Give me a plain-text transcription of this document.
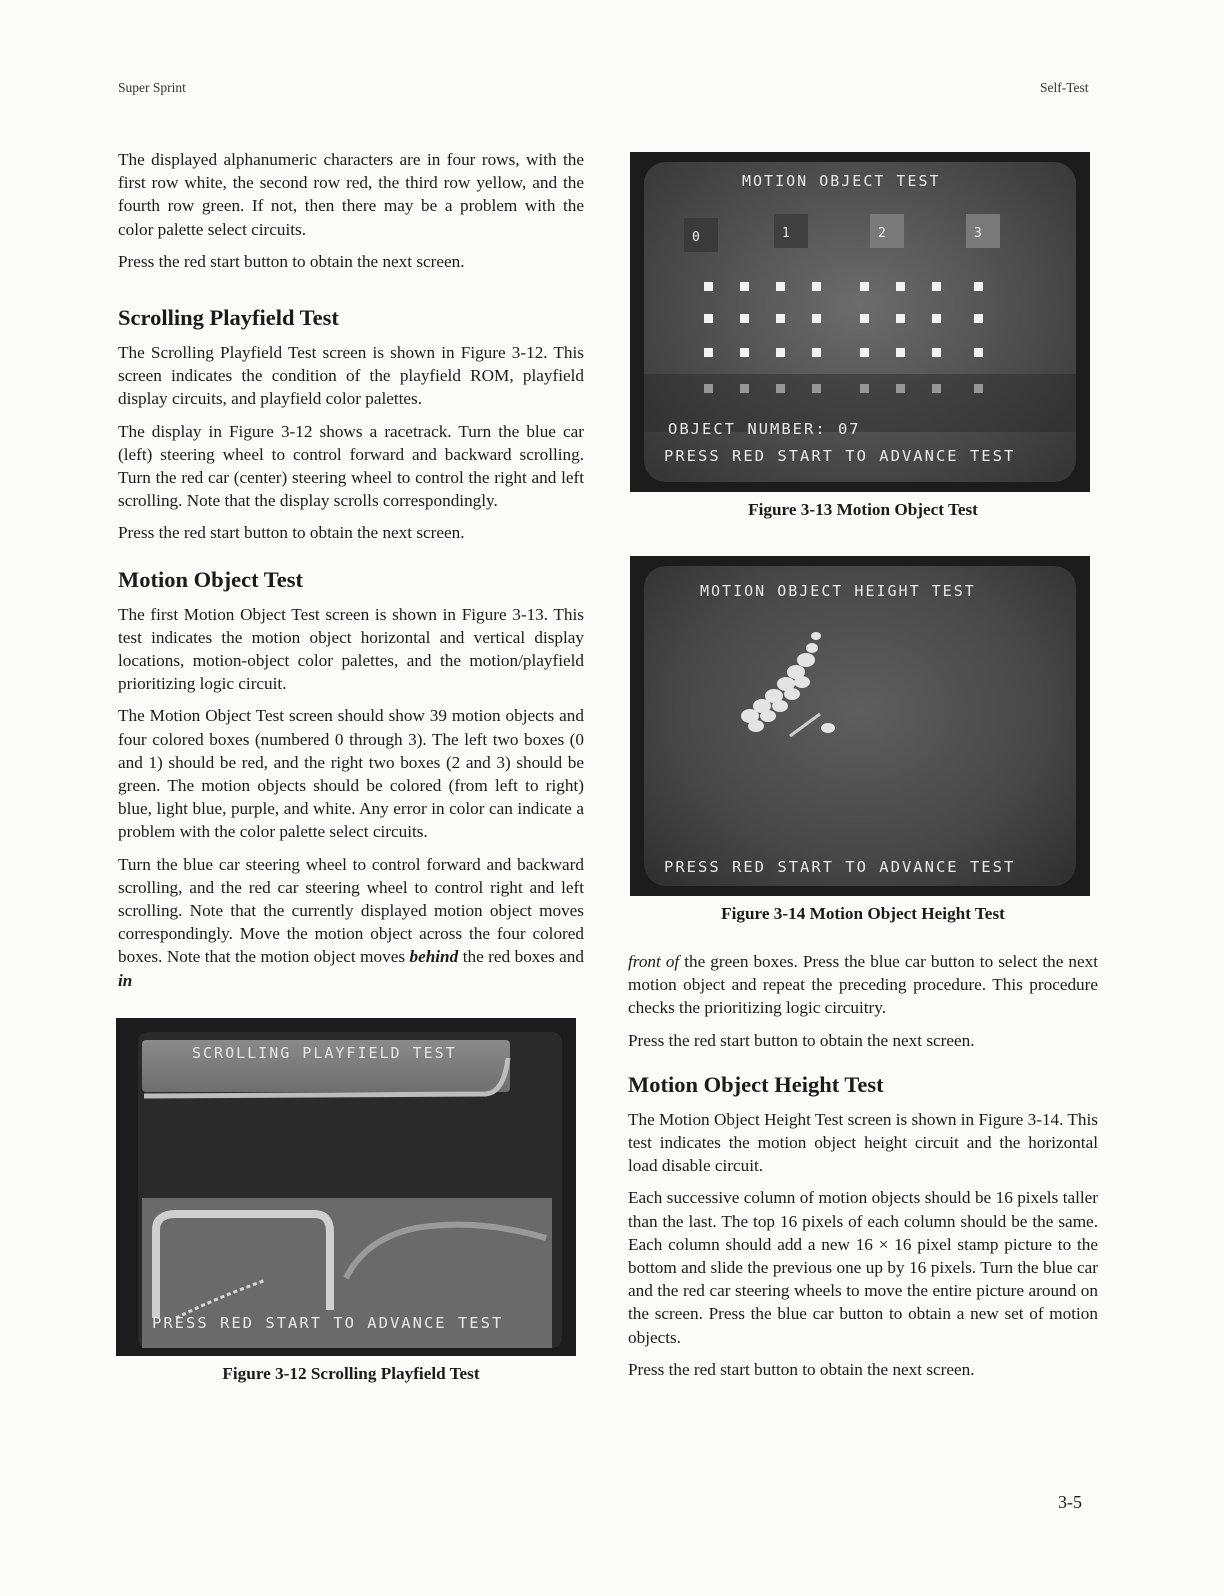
Super Sprint	Self-Test

The displayed alphanumeric characters are in four rows, with the first row white, the second row red, the third row yellow, and the fourth row green. If not, then there may be a problem with the color palette select circuits.

Press the red start button to obtain the next screen.

Scrolling Playfield Test

The Scrolling Playfield Test screen is shown in Figure 3-12. This screen indicates the condition of the playfield ROM, playfield display circuits, and playfield color palettes.

The display in Figure 3-12 shows a racetrack. Turn the blue car (left) steering wheel to control forward and backward scrolling. Turn the red car (center) steering wheel to control the right and left scrolling. Note that the display scrolls correspondingly.

Press the red start button to obtain the next screen.

Motion Object Test

The first Motion Object Test screen is shown in Figure 3-13. This test indicates the motion object horizontal and vertical display locations, motion-object color palettes, and the motion/playfield prioritizing logic circuit.

The Motion Object Test screen should show 39 motion objects and four colored boxes (numbered 0 through 3). The left two boxes (0 and 1) should be red, and the right two boxes (2 and 3) should be green. The motion objects should be colored (from left to right) blue, light blue, purple, and white. Any error in color can indicate a problem with the color palette select circuits.

Turn the blue car steering wheel to control forward and backward scrolling, and the red car steering wheel to control right and left scrolling. Note that the currently displayed motion object moves correspondingly. Move the motion object across the four colored boxes. Note that the motion object moves behind the red boxes and in

SCROLLING PLAYFIELD TEST
PRESS RED START TO ADVANCE TEST
Figure 3-12 Scrolling Playfield Test
MOTION OBJECT TEST
0	1	2	3
OBJECT NUMBER: 07
PRESS RED START TO ADVANCE TEST
Figure 3-13 Motion Object Test
MOTION OBJECT HEIGHT TEST
PRESS RED START TO ADVANCE TEST
Figure 3-14 Motion Object Height Test

front of the green boxes. Press the blue car button to select the next motion object and repeat the preceding procedure. This procedure checks the prioritizing logic circuitry.

Press the red start button to obtain the next screen.

Motion Object Height Test

The Motion Object Height Test screen is shown in Figure 3-14. This test indicates the motion object height circuit and the horizontal load disable circuit.

Each successive column of motion objects should be 16 pixels taller than the last. The top 16 pixels of each column should be the same. Each column should add a new 16 × 16 pixel stamp picture to the bottom and slide the previous one up by 16 pixels. Turn the blue car and the red car steering wheels to move the entire picture around on the screen. Press the blue car button to obtain a new set of motion objects.

Press the red start button to obtain the next screen.

3-5
